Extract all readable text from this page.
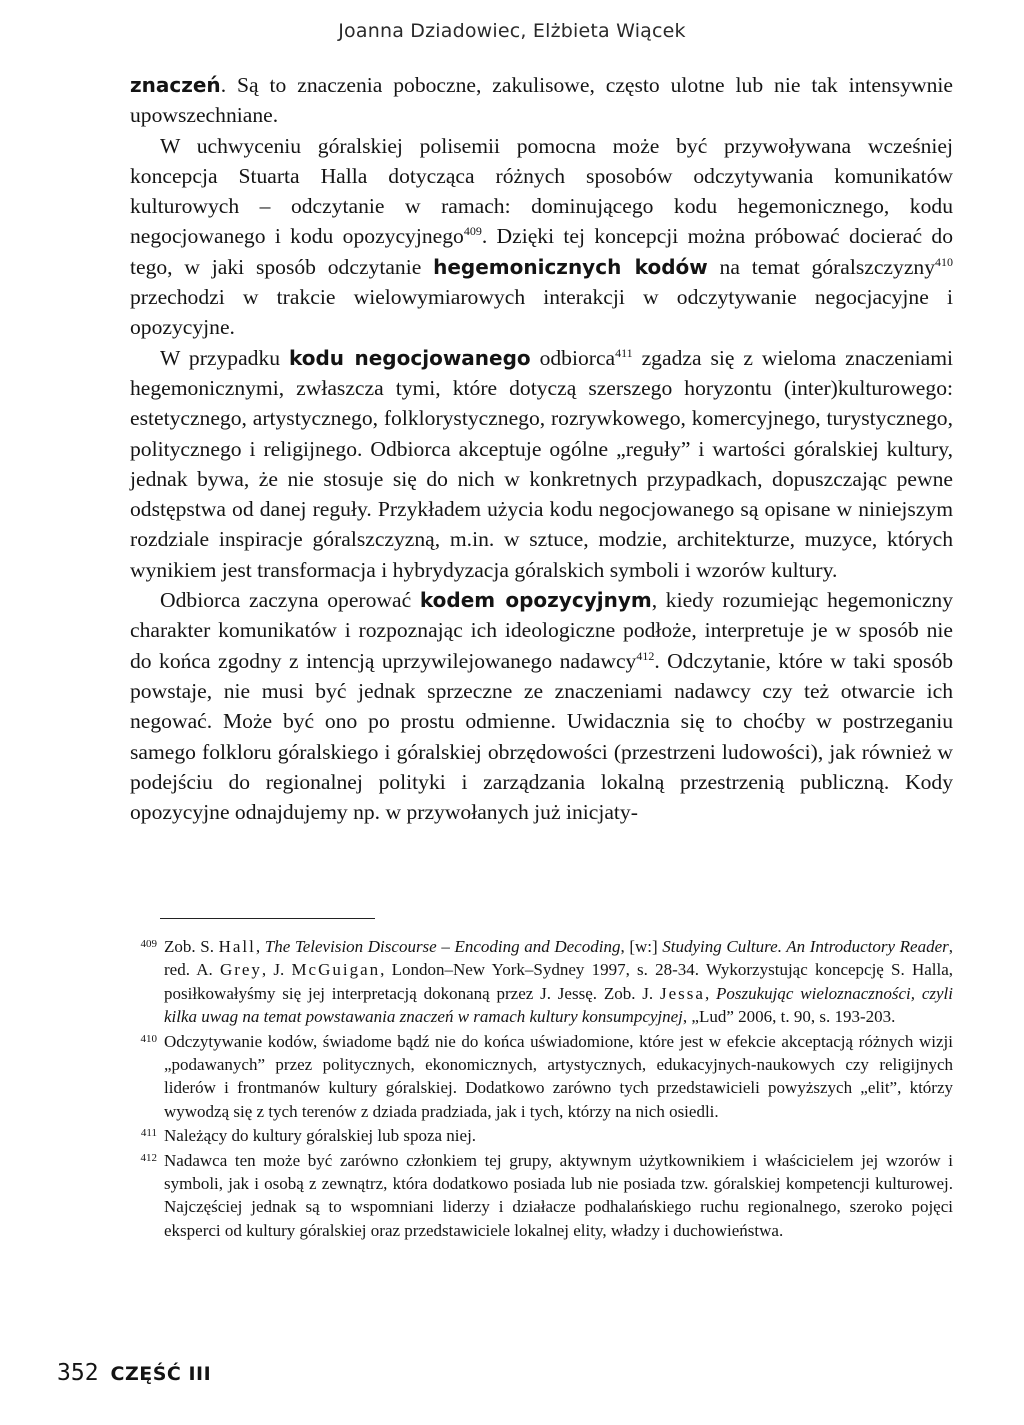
Joanna Dziadowiec, Elżbieta Wiącek

znaczeń. Są to znaczenia poboczne, zakulisowe, często ulotne lub nie tak intensywnie upowszechniane.

W uchwyceniu góralskiej polisemii pomocna może być przywoływana wcześniej koncepcja Stuarta Halla dotycząca różnych sposobów odczytywania komunikatów kulturowych – odczytanie w ramach: dominującego kodu hegemonicznego, kodu negocjowanego i kodu opozycyjnego$^{409}$. Dzięki tej koncepcji można próbować docierać do tego, w jaki sposób odczytanie hegemonicznych kodów na temat góralszczyzny$^{410}$ przechodzi w trakcie wielowymiarowych interakcji w odczytywanie negocjacyjne i opozycyjne.

W przypadku kodu negocjowanego odbiorca$^{411}$ zgadza się z wieloma znaczeniami hegemonicznymi, zwłaszcza tymi, które dotyczą szerszego horyzontu (inter)kulturowego: estetycznego, artystycznego, folklorystycznego, rozrywkowego, komercyjnego, turystycznego, politycznego i religijnego. Odbiorca akceptuje ogólne „reguły” i wartości góralskiej kultury, jednak bywa, że nie stosuje się do nich w konkretnych przypadkach, dopuszczając pewne odstępstwa od danej reguły. Przykładem użycia kodu negocjowanego są opisane w niniejszym rozdziale inspiracje góralszczyzną, m.in. w sztuce, modzie, architekturze, muzyce, których wynikiem jest transformacja i hybrydyzacja góralskich symboli i wzorów kultury.

Odbiorca zaczyna operować kodem opozycyjnym, kiedy rozumiejąc hegemoniczny charakter komunikatów i rozpoznając ich ideologiczne podłoże, interpretuje je w sposób nie do końca zgodny z intencją uprzywilejowanego nadawcy$^{412}$. Odczytanie, które w taki sposób powstaje, nie musi być jednak sprzeczne ze znaczeniami nadawcy czy też otwarcie ich negować. Może być ono po prostu odmienne. Uwidacznia się to choćby w postrzeganiu samego folkloru góralskiego i góralskiej obrzędowości (przestrzeni ludowości), jak również w podejściu do regionalnej polityki i zarządzania lokalną przestrzenią publiczną. Kody opozycyjne odnajdujemy np. w przywołanych już inicjaty-

409 Zob. S. Hall, The Television Discourse – Encoding and Decoding, [w:] Studying Culture. An Introductory Reader, red. A. Grey, J. McGuigan, London–New York–Sydney 1997, s. 28-34. Wykorzystując koncepcję S. Halla, posiłkowałyśmy się jej interpretacją dokonaną przez J. Jessę. Zob. J. Jessa, Poszukując wieloznaczności, czyli kilka uwag na temat powstawania znaczeń w ramach kultury konsumpcyjnej, „Lud” 2006, t. 90, s. 193-203.
410 Odczytywanie kodów, świadome bądź nie do końca uświadomione, które jest w efekcie akceptacją różnych wizji „podawanych” przez politycznych, ekonomicznych, artystycznych, edukacyjnych-naukowych czy religijnych liderów i frontmanów kultury góralskiej. Dodatkowo zarówno tych przedstawicieli powyższych „elit”, którzy wywodzą się z tych terenów z dziada pradziada, jak i tych, którzy na nich osiedli.
411 Należący do kultury góralskiej lub spoza niej.
412 Nadawca ten może być zarówno członkiem tej grupy, aktywnym użytkownikiem i właścicielem jej wzorów i symboli, jak i osobą z zewnątrz, która dodatkowo posiada lub nie posiada tzw. góralskiej kompetencji kulturowej. Najczęściej jednak są to wspomniani liderzy i działacze podhalańskiego ruchu regionalnego, szeroko pojęci eksperci od kultury góralskiej oraz przedstawiciele lokalnej elity, władzy i duchowieństwa.
352 CZĘŚĆ III
